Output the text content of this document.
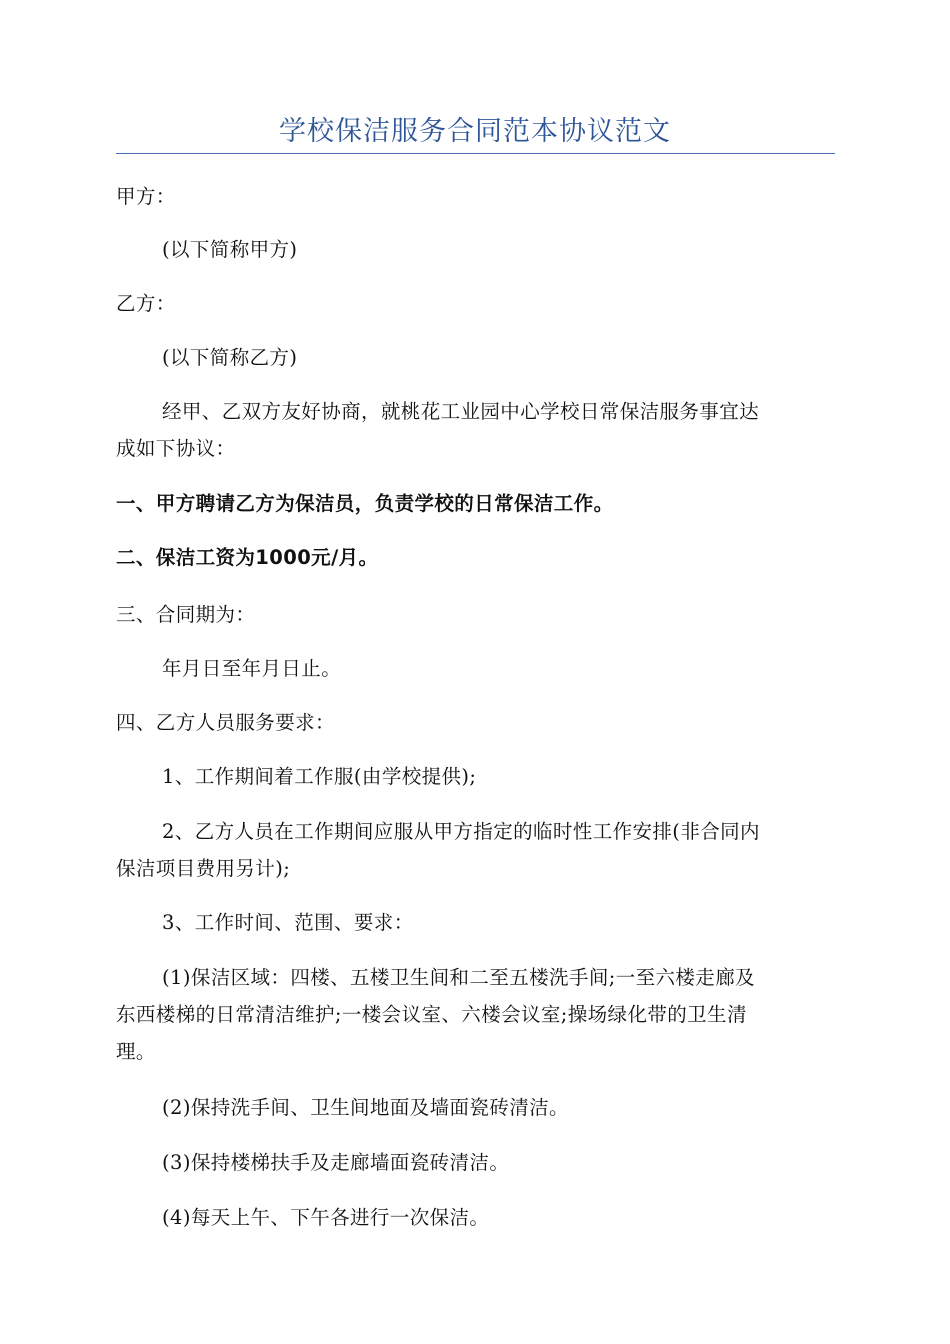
学校保洁服务合同范本协议范文
甲方：
(以下简称甲方)
乙方：
(以下简称乙方)
经甲、乙双方友好协商，就桃花工业园中心学校日常保洁服务事宜达
成如下协议：
一、甲方聘请乙方为保洁员，负责学校的日常保洁工作。
二、保洁工资为1000元/月。
三、合同期为：
年月日至年月日止。
四、乙方人员服务要求：
1、工作期间着工作服(由学校提供);
2、乙方人员在工作期间应服从甲方指定的临时性工作安排(非合同内
保洁项目费用另计);
3、工作时间、范围、要求：
(1)保洁区域：四楼、五楼卫生间和二至五楼洗手间;一至六楼走廊及
东西楼梯的日常清洁维护;一楼会议室、六楼会议室;操场绿化带的卫生清
理。
(2)保持洗手间、卫生间地面及墙面瓷砖清洁。
(3)保持楼梯扶手及走廊墙面瓷砖清洁。
(4)每天上午、下午各进行一次保洁。
